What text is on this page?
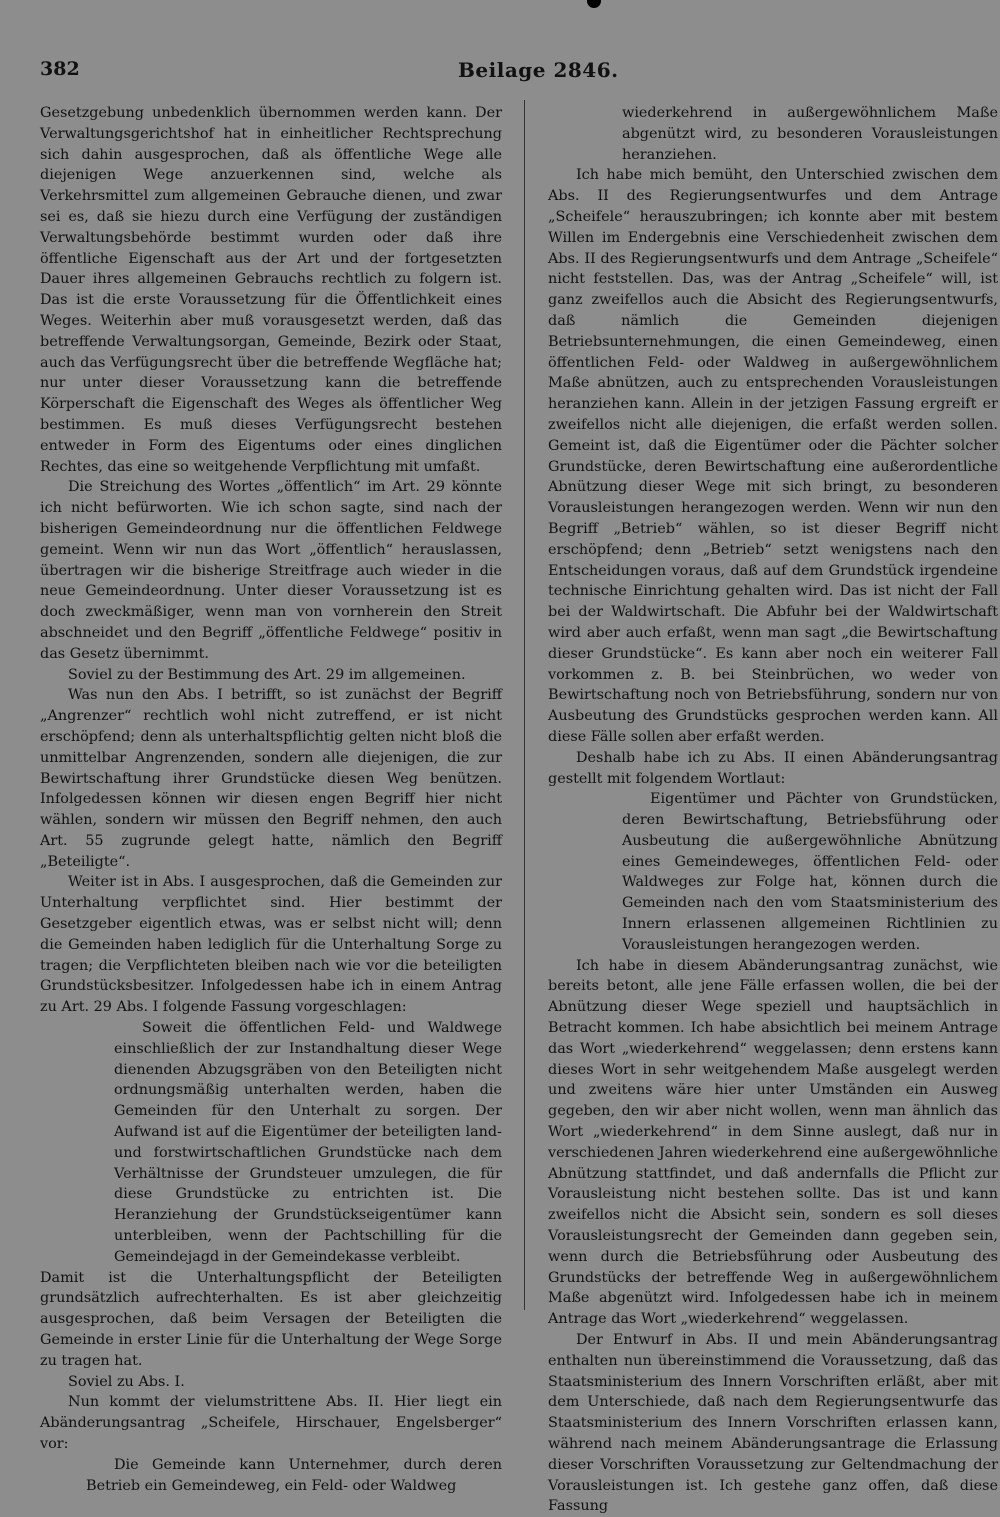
382	Beilage 2846.

Gesetzgebung unbedenklich übernommen werden kann. Der Verwaltungsgerichtshof hat in einheitlicher Rechtsprechung sich dahin ausgesprochen, daß als öffentliche Wege alle diejenigen Wege anzuerkennen sind, welche als Verkehrsmittel zum allgemeinen Gebrauche dienen, und zwar sei es, daß sie hiezu durch eine Verfügung der zuständigen Verwaltungsbehörde bestimmt wurden oder daß ihre öffentliche Eigenschaft aus der Art und der fortgesetzten Dauer ihres allgemeinen Gebrauchs rechtlich zu folgern ist. Das ist die erste Voraussetzung für die Öffentlichkeit eines Weges. Weiterhin aber muß vorausgesetzt werden, daß das betreffende Verwaltungsorgan, Gemeinde, Bezirk oder Staat, auch das Verfügungsrecht über die betreffende Wegfläche hat; nur unter dieser Voraussetzung kann die betreffende Körperschaft die Eigenschaft des Weges als öffentlicher Weg bestimmen. Es muß dieses Verfügungsrecht bestehen entweder in Form des Eigentums oder eines dinglichen Rechtes, das eine so weitgehende Verpflichtung mit umfaßt.

Die Streichung des Wortes „öffentlich“ im Art. 29 könnte ich nicht befürworten. Wie ich schon sagte, sind nach der bisherigen Gemeindeordnung nur die öffentlichen Feldwege gemeint. Wenn wir nun das Wort „öffentlich“ herauslassen, übertragen wir die bisherige Streitfrage auch wieder in die neue Gemeindeordnung. Unter dieser Voraussetzung ist es doch zweckmäßiger, wenn man von vornherein den Streit abschneidet und den Begriff „öffentliche Feldwege“ positiv in das Gesetz übernimmt.

Soviel zu der Bestimmung des Art. 29 im allgemeinen.

Was nun den Abs. I betrifft, so ist zunächst der Begriff „Angrenzer“ rechtlich wohl nicht zutreffend, er ist nicht erschöpfend; denn als unterhaltspflichtig gelten nicht bloß die unmittelbar Angrenzenden, sondern alle diejenigen, die zur Bewirtschaftung ihrer Grundstücke diesen Weg benützen. Infolgedessen können wir diesen engen Begriff hier nicht wählen, sondern wir müssen den Begriff nehmen, den auch Art. 55 zugrunde gelegt hatte, nämlich den Begriff „Beteiligte“.

Weiter ist in Abs. I ausgesprochen, daß die Gemeinden zur Unterhaltung verpflichtet sind. Hier bestimmt der Gesetzgeber eigentlich etwas, was er selbst nicht will; denn die Gemeinden haben lediglich für die Unterhaltung Sorge zu tragen; die Verpflichteten bleiben nach wie vor die beteiligten Grundstücksbesitzer. Infolgedessen habe ich in einem Antrag zu Art. 29 Abs. I folgende Fassung vorgeschlagen:

Soweit die öffentlichen Feld- und Waldwege einschließlich der zur Instandhaltung dieser Wege dienenden Abzugsgräben von den Beteiligten nicht ordnungsmäßig unterhalten werden, haben die Gemeinden für den Unterhalt zu sorgen. Der Aufwand ist auf die Eigentümer der beteiligten land- und forstwirtschaftlichen Grundstücke nach dem Verhältnisse der Grundsteuer umzulegen, die für diese Grundstücke zu entrichten ist. Die Heranziehung der Grundstückseigentümer kann unterbleiben, wenn der Pachtschilling für die Gemeindejagd in der Gemeindekasse verbleibt.

Damit ist die Unterhaltungspflicht der Beteiligten grundsätzlich aufrechterhalten. Es ist aber gleichzeitig ausgesprochen, daß beim Versagen der Beteiligten die Gemeinde in erster Linie für die Unterhaltung der Wege Sorge zu tragen hat.

Soviel zu Abs. I.

Nun kommt der vielumstrittene Abs. II. Hier liegt ein Abänderungsantrag „Scheifele, Hirschauer, Engelsberger“ vor:

Die Gemeinde kann Unternehmer, durch deren Betrieb ein Gemeindeweg, ein Feld- oder Waldweg

wiederkehrend in außergewöhnlichem Maße abgenützt wird, zu besonderen Vorausleistungen heranziehen.

Ich habe mich bemüht, den Unterschied zwischen dem Abs. II des Regierungsentwurfes und dem Antrage „Scheifele“ herauszubringen; ich konnte aber mit bestem Willen im Endergebnis eine Verschiedenheit zwischen dem Abs. II des Regierungsentwurfs und dem Antrage „Scheifele“ nicht feststellen. Das, was der Antrag „Scheifele“ will, ist ganz zweifellos auch die Absicht des Regierungsentwurfs, daß nämlich die Gemeinden diejenigen Betriebsunternehmungen, die einen Gemeindeweg, einen öffentlichen Feld- oder Waldweg in außergewöhnlichem Maße abnützen, auch zu entsprechenden Vorausleistungen heranziehen kann. Allein in der jetzigen Fassung ergreift er zweifellos nicht alle diejenigen, die erfaßt werden sollen. Gemeint ist, daß die Eigentümer oder die Pächter solcher Grundstücke, deren Bewirtschaftung eine außerordentliche Abnützung dieser Wege mit sich bringt, zu besonderen Vorausleistungen herangezogen werden. Wenn wir nun den Begriff „Betrieb“ wählen, so ist dieser Begriff nicht erschöpfend; denn „Betrieb“ setzt wenigstens nach den Entscheidungen voraus, daß auf dem Grundstück irgendeine technische Einrichtung gehalten wird. Das ist nicht der Fall bei der Waldwirtschaft. Die Abfuhr bei der Waldwirtschaft wird aber auch erfaßt, wenn man sagt „die Bewirtschaftung dieser Grundstücke“. Es kann aber noch ein weiterer Fall vorkommen z. B. bei Steinbrüchen, wo weder von Bewirtschaftung noch von Betriebsführung, sondern nur von Ausbeutung des Grundstücks gesprochen werden kann. All diese Fälle sollen aber erfaßt werden.

Deshalb habe ich zu Abs. II einen Abänderungsantrag gestellt mit folgendem Wortlaut:

Eigentümer und Pächter von Grundstücken, deren Bewirtschaftung, Betriebsführung oder Ausbeutung die außergewöhnliche Abnützung eines Gemeindeweges, öffentlichen Feld- oder Waldweges zur Folge hat, können durch die Gemeinden nach den vom Staatsministerium des Innern erlassenen allgemeinen Richtlinien zu Vorausleistungen herangezogen werden.

Ich habe in diesem Abänderungsantrag zunächst, wie bereits betont, alle jene Fälle erfassen wollen, die bei der Abnützung dieser Wege speziell und hauptsächlich in Betracht kommen. Ich habe absichtlich bei meinem Antrage das Wort „wiederkehrend“ weggelassen; denn erstens kann dieses Wort in sehr weitgehendem Maße ausgelegt werden und zweitens wäre hier unter Umständen ein Ausweg gegeben, den wir aber nicht wollen, wenn man ähnlich das Wort „wiederkehrend“ in dem Sinne auslegt, daß nur in verschiedenen Jahren wiederkehrend eine außergewöhnliche Abnützung stattfindet, und daß andernfalls die Pflicht zur Vorausleistung nicht bestehen sollte. Das ist und kann zweifellos nicht die Absicht sein, sondern es soll dieses Vorausleistungsrecht der Gemeinden dann gegeben sein, wenn durch die Betriebsführung oder Ausbeutung des Grundstücks der betreffende Weg in außergewöhnlichem Maße abgenützt wird. Infolgedessen habe ich in meinem Antrage das Wort „wiederkehrend“ weggelassen.

Der Entwurf in Abs. II und mein Abänderungsantrag enthalten nun übereinstimmend die Voraussetzung, daß das Staatsministerium des Innern Vorschriften erläßt, aber mit dem Unterschiede, daß nach dem Regierungsentwurfe das Staatsministerium des Innern Vorschriften erlassen kann, während nach meinem Abänderungsantrage die Erlassung dieser Vorschriften Voraussetzung zur Geltendmachung der Vorausleistungen ist. Ich gestehe ganz offen, daß diese Fassung
